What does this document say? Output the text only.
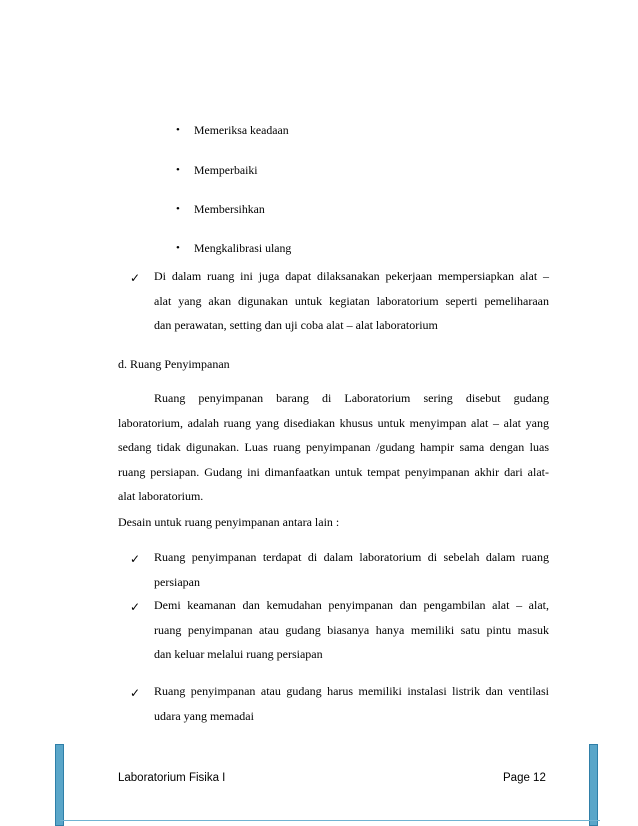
• Memeriksa keadaan
• Memperbaiki
• Membersihkan
• Mengkalibrasi ulang
✓ Di dalam ruang ini juga dapat dilaksanakan pekerjaan mempersiapkan alat –
alat yang akan digunakan untuk kegiatan laboratorium seperti pemeliharaan
dan perawatan, setting dan uji coba alat – alat laboratorium
d. Ruang Penyimpanan
Ruang penyimpanan barang di Laboratorium sering disebut gudang
laboratorium, adalah ruang yang disediakan khusus untuk menyimpan alat – alat yang
sedang tidak digunakan. Luas ruang penyimpanan /gudang hampir sama dengan luas
ruang persiapan. Gudang ini dimanfaatkan untuk tempat penyimpanan akhir dari alat-
alat laboratorium.
Desain untuk ruang penyimpanan antara lain :
✓ Ruang penyimpanan terdapat di dalam laboratorium di sebelah dalam ruang
persiapan
✓ Demi keamanan dan kemudahan penyimpanan dan pengambilan alat – alat,
ruang penyimpanan atau gudang biasanya hanya memiliki satu pintu masuk
dan keluar melalui ruang persiapan
✓ Ruang penyimpanan atau gudang harus memiliki instalasi listrik dan ventilasi
udara yang memadai
Laboratorium Fisika I	Page 12
